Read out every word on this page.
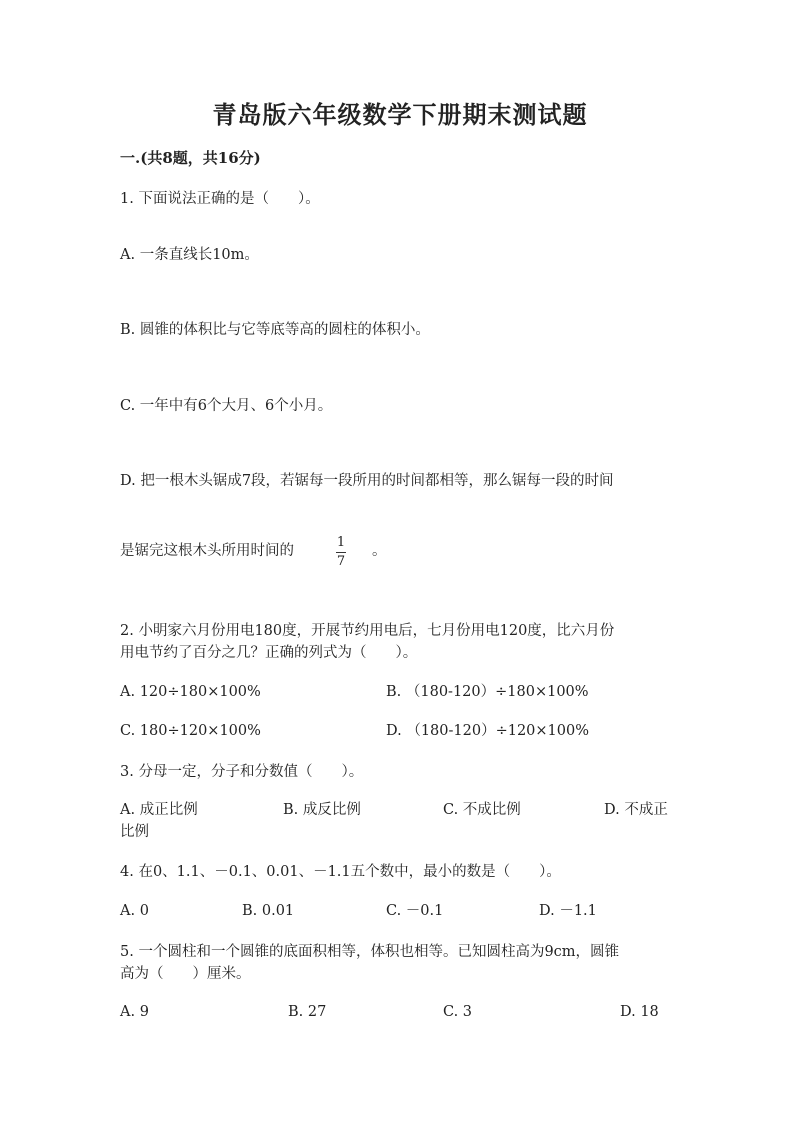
青岛版六年级数学下册期末测试题
一.(共8题，共16分)
1. 下面说法正确的是（　　）。
A. 一条直线长10m。
B. 圆锥的体积比与它等底等高的圆柱的体积小。
C. 一年中有6个大月、6个小月。
D. 把一根木头锯成7段，若锯每一段所用的时间都相等，那么锯每一段的时间
是锯完这根木头所用时间的
1
7
。
2. 小明家六月份用电180度，开展节约用电后，七月份用电120度，比六月份
用电节约了百分之几？正确的列式为（　　）。
A. 120÷180×100%	B. （180-120）÷180×100%
C. 180÷120×100%	D. （180-120）÷120×100%
3. 分母一定，分子和分数值（　　）。
A. 成正比例	B. 成反比例	C. 不成比例	D. 不成正
比例
4. 在0、1.1、－0.1、0.01、－1.1五个数中，最小的数是（　　）。
A. 0	B. 0.01	C. －0.1	D. －1.1
5. 一个圆柱和一个圆锥的底面积相等，体积也相等。已知圆柱高为9cm，圆锥
高为（　　）厘米。
A. 9	B. 27	C. 3	D. 18
